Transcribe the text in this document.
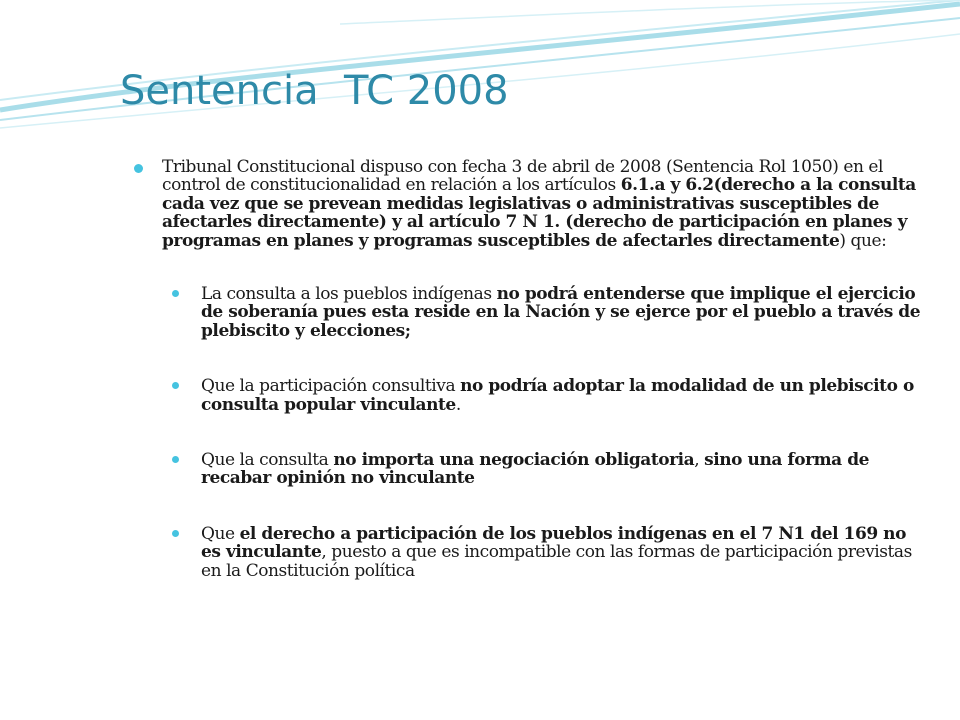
Sentencia  TC 2008

Tribunal Constitucional dispuso con fecha 3 de abril de 2008 (Sentencia Rol 1050) en el control de constitucionalidad en relación a los artículos 6.1.a y 6.2(derecho a la consulta cada vez que se prevean medidas legislativas o administrativas susceptibles de afectarles directamente) y al artículo 7 N 1. (derecho de participación en planes y programas en planes y programas susceptibles de afectarles directamente) que:

La consulta a los pueblos indígenas no podrá entenderse que implique el ejercicio de soberanía pues esta reside en la Nación y se ejerce por el pueblo a través de plebiscito y elecciones;

Que la participación consultiva no podría adoptar la modalidad de un plebiscito o consulta popular vinculante.

Que la consulta no importa una negociación obligatoria, sino una forma de recabar opinión no vinculante

Que el derecho a participación de los pueblos indígenas en el 7 N1 del 169 no es vinculante, puesto a que es incompatible con las formas de participación previstas en la Constitución política
